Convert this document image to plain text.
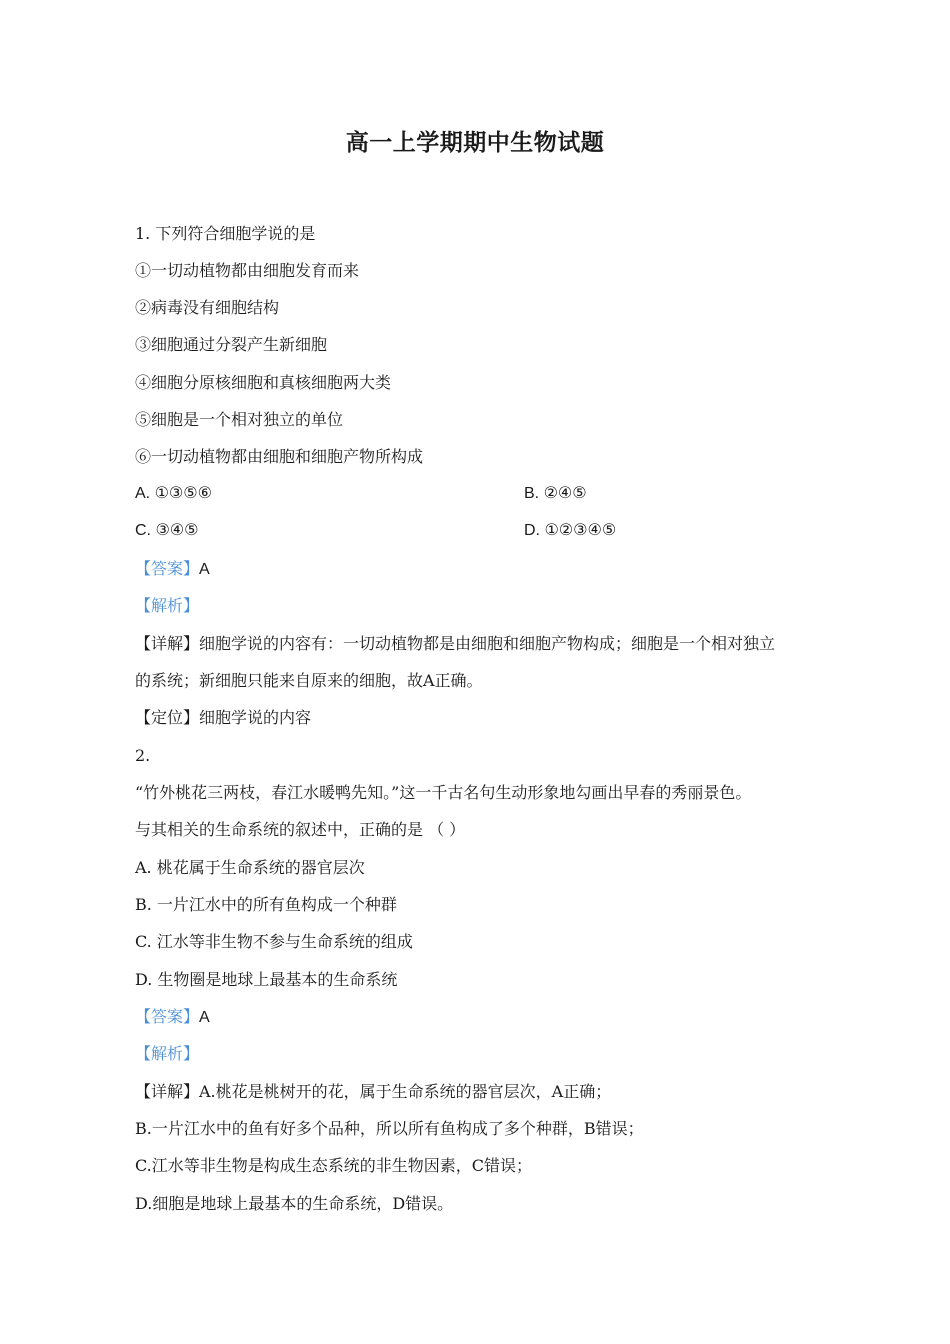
高一上学期期中生物试题
1. 下列符合细胞学说的是
①一切动植物都由细胞发育而来
②病毒没有细胞结构
③细胞通过分裂产生新细胞
④细胞分原核细胞和真核细胞两大类
⑤细胞是一个相对独立的单位
⑥一切动植物都由细胞和细胞产物所构成
A. ①③⑤⑥	B. ②④⑤
C. ③④⑤	D. ①②③④⑤
【答案】A
【解析】
【详解】细胞学说的内容有：一切动植物都是由细胞和细胞产物构成；细胞是一个相对独立
的系统；新细胞只能来自原来的细胞，故A正确。
【定位】细胞学说的内容
2.
“竹外桃花三两枝，春江水暖鸭先知。”这一千古名句生动形象地勾画出早春的秀丽景色。
与其相关的生命系统的叙述中，正确的是 （ ）
A. 桃花属于生命系统的器官层次
B. 一片江水中的所有鱼构成一个种群
C. 江水等非生物不参与生命系统的组成
D. 生物圈是地球上最基本的生命系统
【答案】A
【解析】
【详解】A.桃花是桃树开的花，属于生命系统的器官层次，A正确；
B.一片江水中的鱼有好多个品种，所以所有鱼构成了多个种群，B错误；
C.江水等非生物是构成生态系统的非生物因素，C错误；
D.细胞是地球上最基本的生命系统，D错误。
